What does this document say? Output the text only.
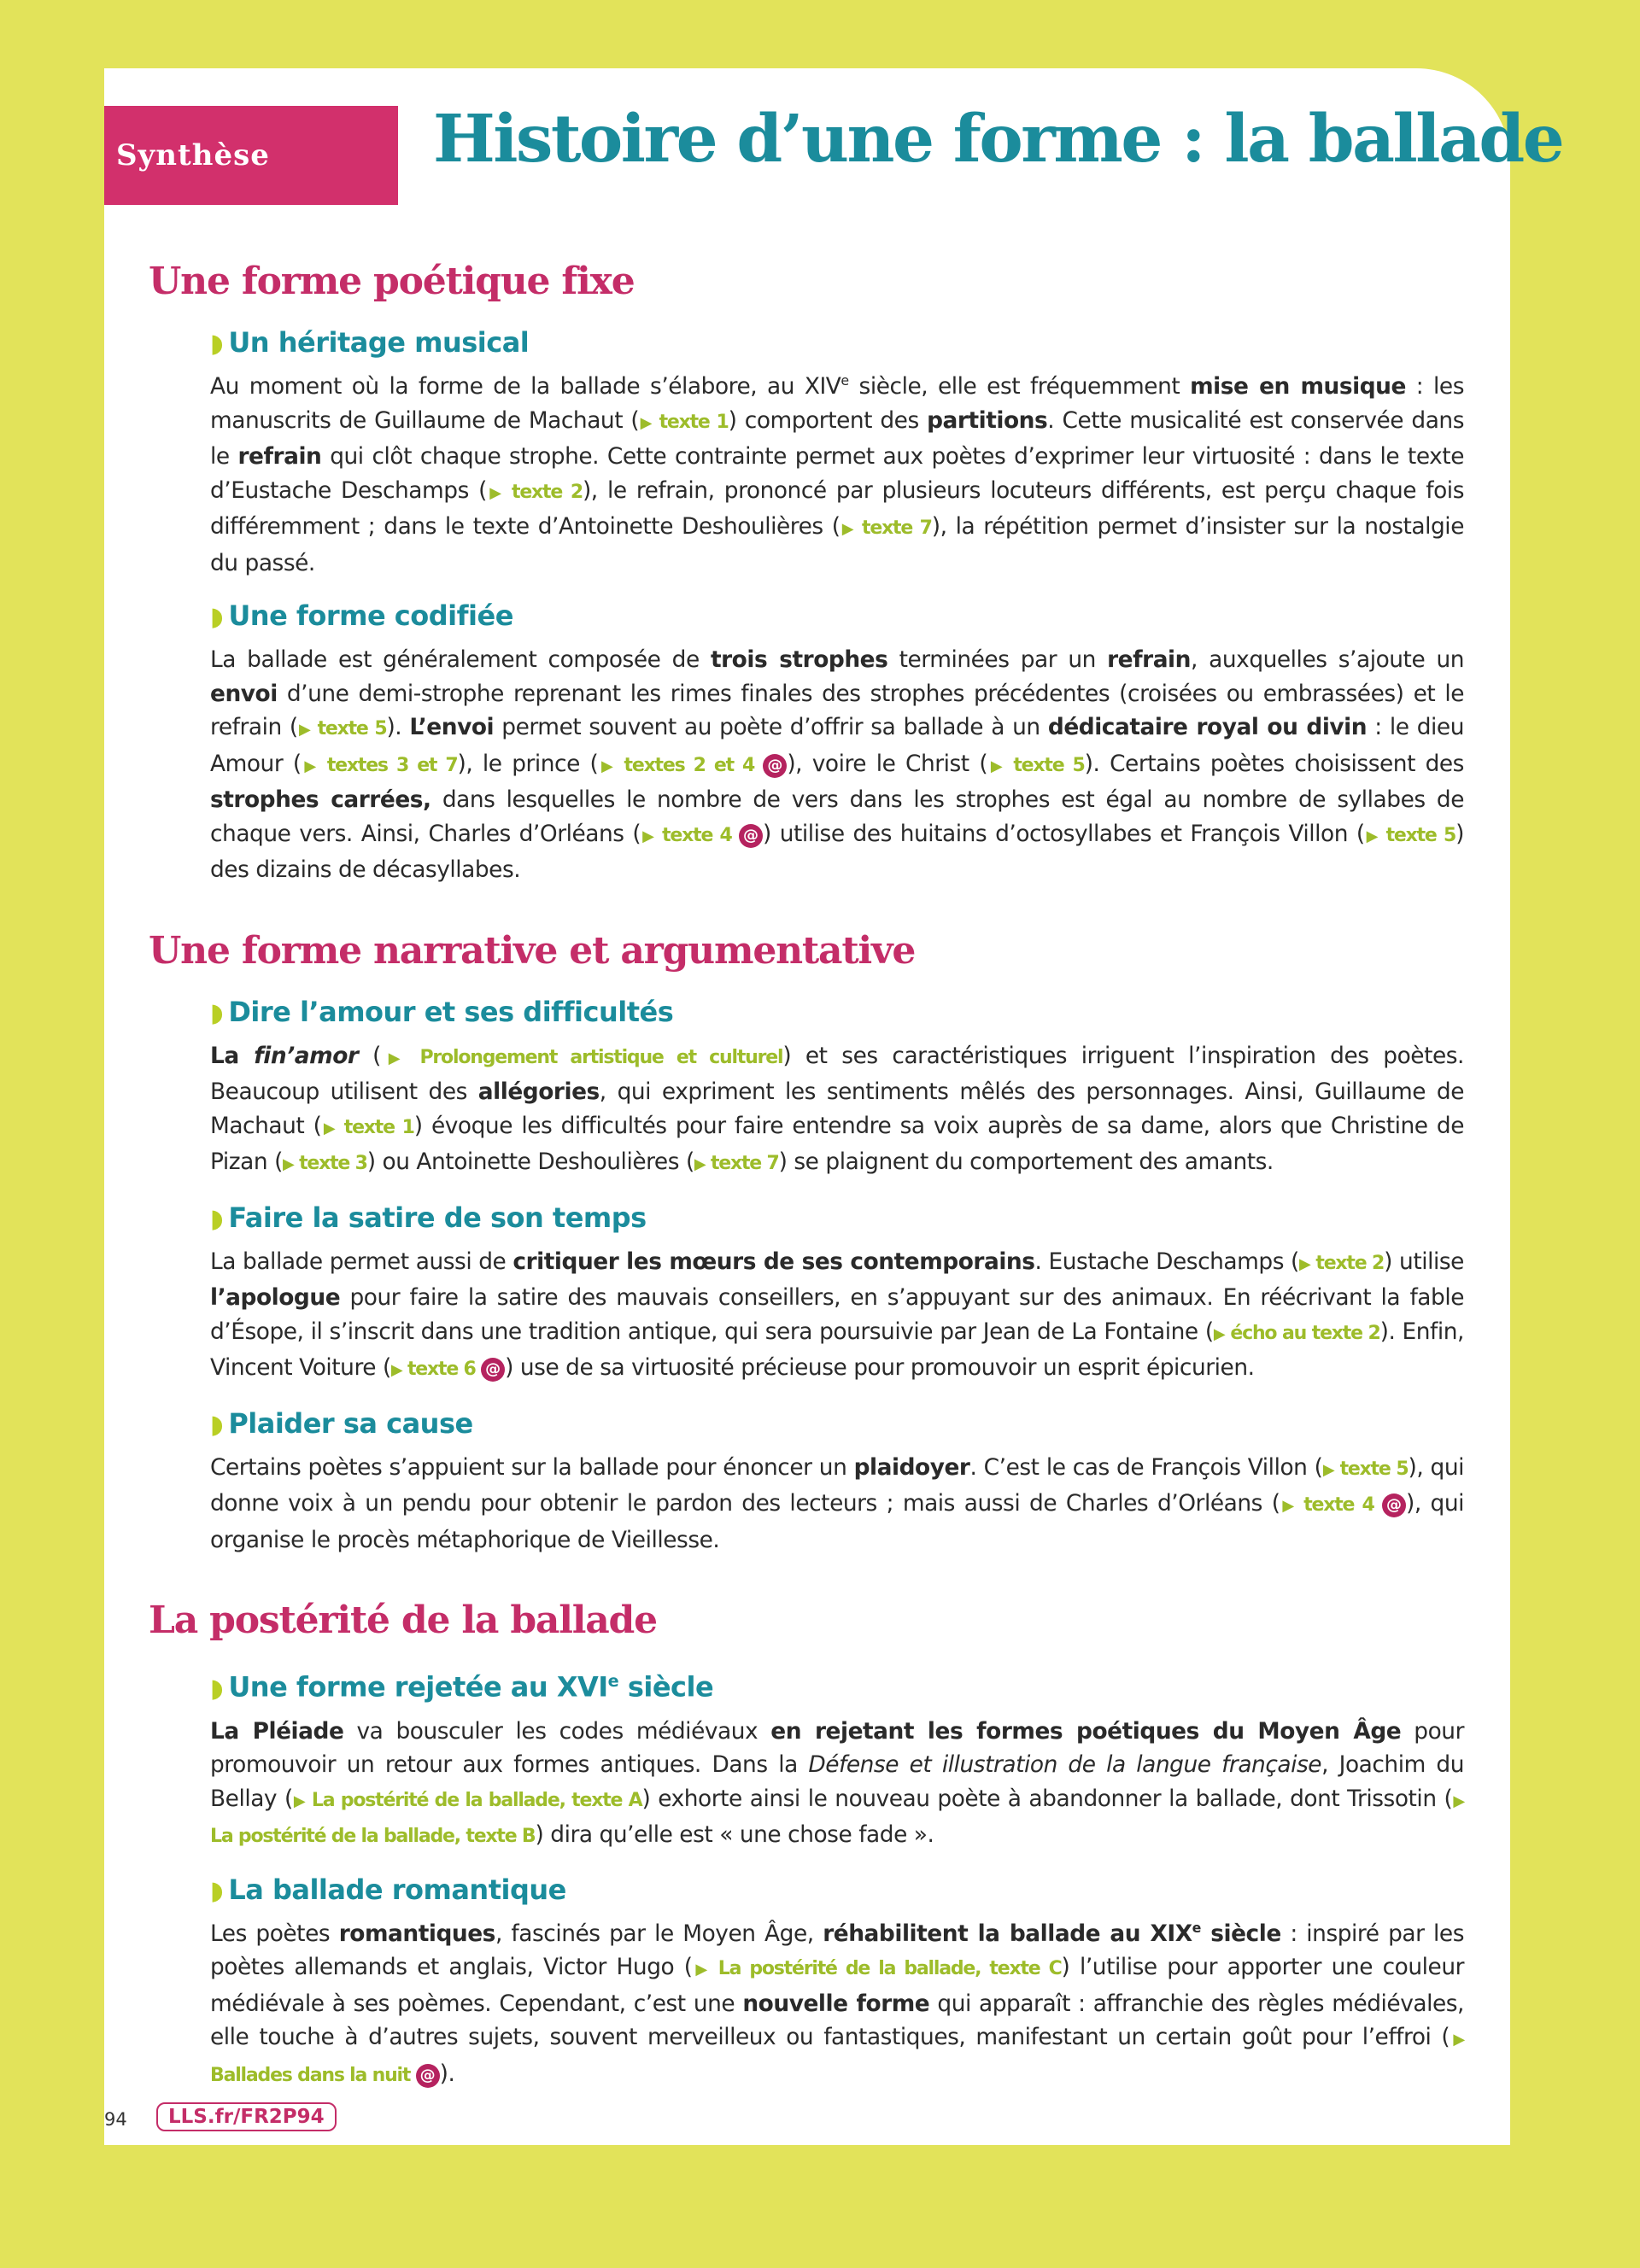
Synthèse	Histoire d’une forme : la ballade
Une forme poétique fixe
◗ Un héritage musical

Au moment où la forme de la ballade s’élabore, au XIVe siècle, elle est fréquemment mise en musique : les manuscrits de Guillaume de Machaut (▶ texte 1) comportent des partitions. Cette musicalité est conservée dans le refrain qui clôt chaque strophe. Cette contrainte permet aux poètes d’exprimer leur virtuosité : dans le texte d’Eustache Deschamps (▶ texte 2), le refrain, prononcé par plusieurs locuteurs différents, est perçu chaque fois différemment ; dans le texte d’Antoinette Deshoulières (▶ texte 7), la répétition permet d’insister sur la nostalgie du passé.

◗ Une forme codifiée

La ballade est généralement composée de trois strophes terminées par un refrain, auxquelles s’ajoute un envoi d’une demi-strophe reprenant les rimes finales des strophes précédentes (croisées ou embrassées) et le refrain (▶ texte 5). L’envoi permet souvent au poète d’offrir sa ballade à un dédicataire royal ou divin : le dieu Amour (▶ textes 3 et 7), le prince (▶ textes 2 et 4 @ ), voire le Christ (▶ texte 5). Certains poètes choisissent des strophes carrées, dans lesquelles le nombre de vers dans les strophes est égal au nombre de syllabes de chaque vers. Ainsi, Charles d’Orléans (▶ texte 4 @ ) utilise des huitains d’octosyllabes et François Villon (▶ texte 5) des dizains de décasyllabes.

Une forme narrative et argumentative
◗ Dire l’amour et ses difficultés

La fin’amor (▶ Prolongement artistique et culturel) et ses caractéristiques irriguent l’inspiration des poètes. Beaucoup utilisent des allégories, qui expriment les sentiments mêlés des personnages. Ainsi, Guillaume de Machaut (▶ texte 1) évoque les difficultés pour faire entendre sa voix auprès de sa dame, alors que Christine de Pizan (▶ texte 3) ou Antoinette Deshoulières (▶ texte 7) se plaignent du comportement des amants.

◗ Faire la satire de son temps

La ballade permet aussi de critiquer les mœurs de ses contemporains. Eustache Deschamps (▶ texte 2) utilise l’apologue pour faire la satire des mauvais conseillers, en s’appuyant sur des animaux. En réécrivant la fable d’Ésope, il s’inscrit dans une tradition antique, qui sera poursuivie par Jean de La Fontaine (▶ écho au texte 2). Enfin, Vincent Voiture (▶ texte 6 @ ) use de sa virtuosité précieuse pour promouvoir un esprit épicurien.

◗ Plaider sa cause

Certains poètes s’appuient sur la ballade pour énoncer un plaidoyer. C’est le cas de François Villon (▶ texte 5), qui donne voix à un pendu pour obtenir le pardon des lecteurs ; mais aussi de Charles d’Orléans (▶ texte 4 @ ), qui organise le procès métaphorique de Vieillesse.

La postérité de la ballade
◗ Une forme rejetée au XVIe siècle

La Pléiade va bousculer les codes médiévaux en rejetant les formes poétiques du Moyen Âge pour promouvoir un retour aux formes antiques. Dans la Défense et illustration de la langue française, Joachim du Bellay (▶ La postérité de la ballade, texte A) exhorte ainsi le nouveau poète à abandonner la ballade, dont Trissotin (▶ La postérité de la ballade, texte B) dira qu’elle est « une chose fade ».

◗ La ballade romantique

Les poètes romantiques, fascinés par le Moyen Âge, réhabilitent la ballade au XIXe siècle : inspiré par les poètes allemands et anglais, Victor Hugo (▶ La postérité de la ballade, texte C) l’utilise pour apporter une couleur médiévale à ses poèmes. Cependant, c’est une nouvelle forme qui apparaît : affranchie des règles médiévales, elle touche à d’autres sujets, souvent merveilleux ou fantastiques, manifestant un certain goût pour l’effroi (▶ Ballades dans la nuit @ ).

94	LLS.fr/FR2P94
